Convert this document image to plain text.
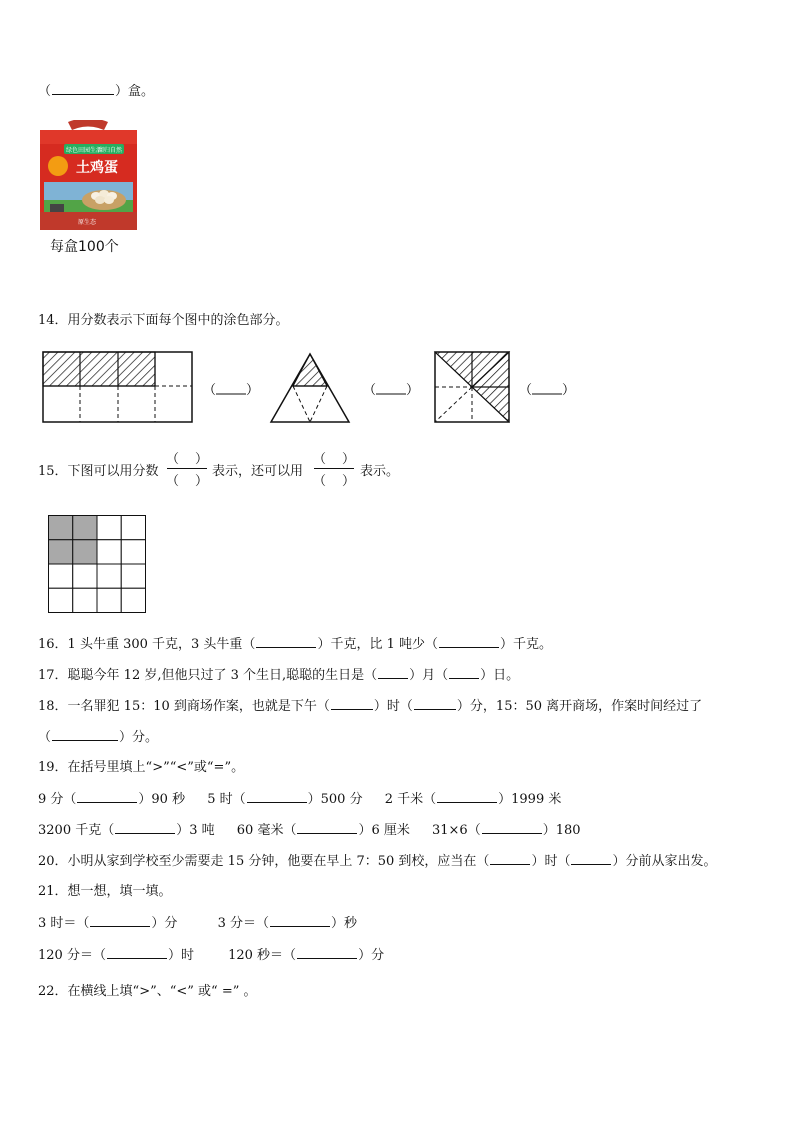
（	）盒。
绿色田园生活
回归自然
土鸡蛋
原生态
每盒100个
14．用分数表示下面每个图中的涂色部分。
（ ）	（ ）	（ ）
15．下图可以用分数
（ ）
（ ）
表示，还可以用
（ ）
（ ）
表示。
16．1 头牛重 300 千克，3 头牛重（	）千克，比 1 吨少（	）千克。
17．聪聪今年 12 岁,但他只过了 3 个生日,聪聪的生日是（ ）月（ ）日。
18．一名罪犯 15：10 到商场作案，也就是下午（	）时（	）分，15：50 离开商场，作案时间经过了
（	）分。
19．在括号里填上“>”“<”或“=”。
9 分（	）90 秒 5 时（	）500 分 2 千米（	）1999 米
3200 千克（	）3 吨 60 毫米（	）6 厘米 31×6（	）180
20．小明从家到学校至少需要走 15 分钟，他要在早上 7：50 到校，应当在（	）时（	）分前从家出发。
21．想一想，填一填。
3 时＝（	）分	3 分＝（	）秒
120 分＝（	）时	120 秒＝（	）分
22．在横线上填“>”、“<” 或“ =” 。
